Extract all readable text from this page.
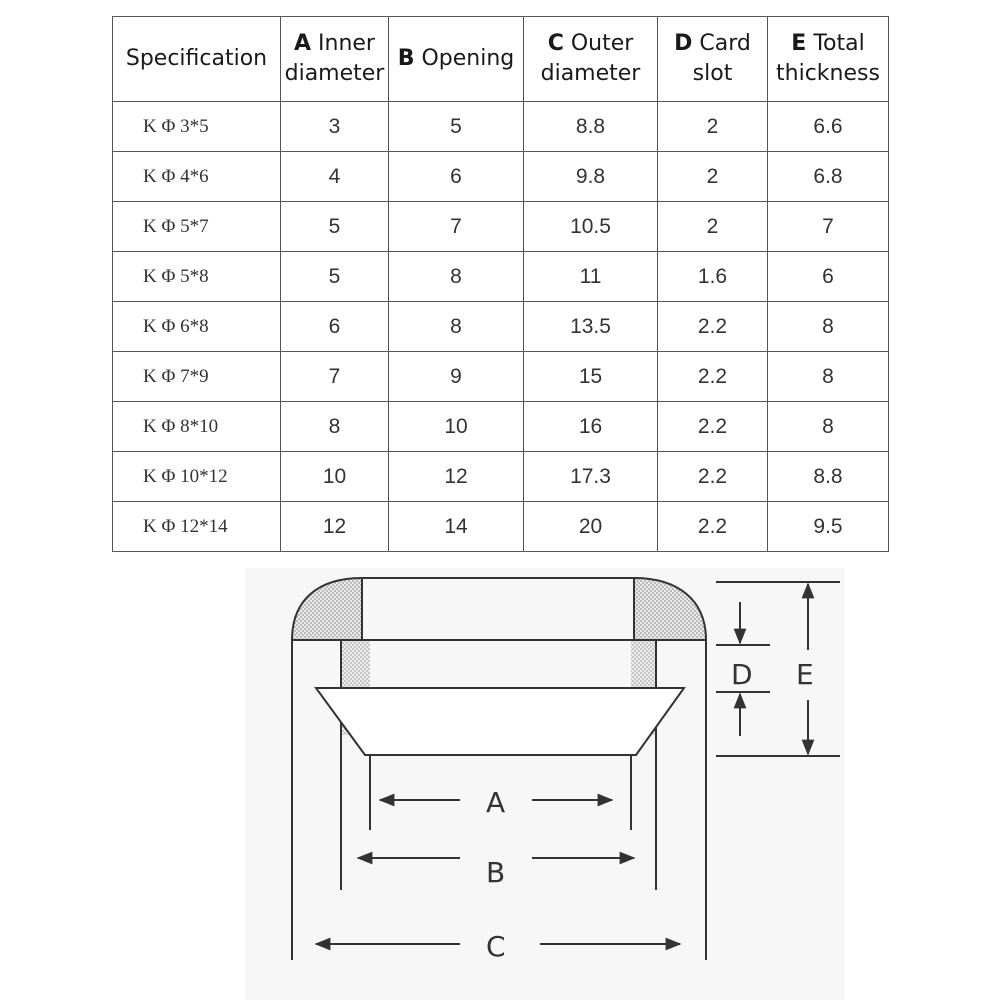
Specification	A Inner diameter	B Opening	C Outer diameter	D Card slot	E Total thickness
K Φ 3*5	3	5	8.8	2	6.6
K Φ 4*6	4	6	9.8	2	6.8
K Φ 5*7	5	7	10.5	2	7
K Φ 5*8	5	8	11	1.6	6
K Φ 6*8	6	8	13.5	2.2	8
K Φ 7*9	7	9	15	2.2	8
K Φ 8*10	8	10	16	2.2	8
K Φ 10*12	10	12	17.3	2.2	8.8
K Φ 12*14	12	14	20	2.2	9.5
D E
A
B
C
